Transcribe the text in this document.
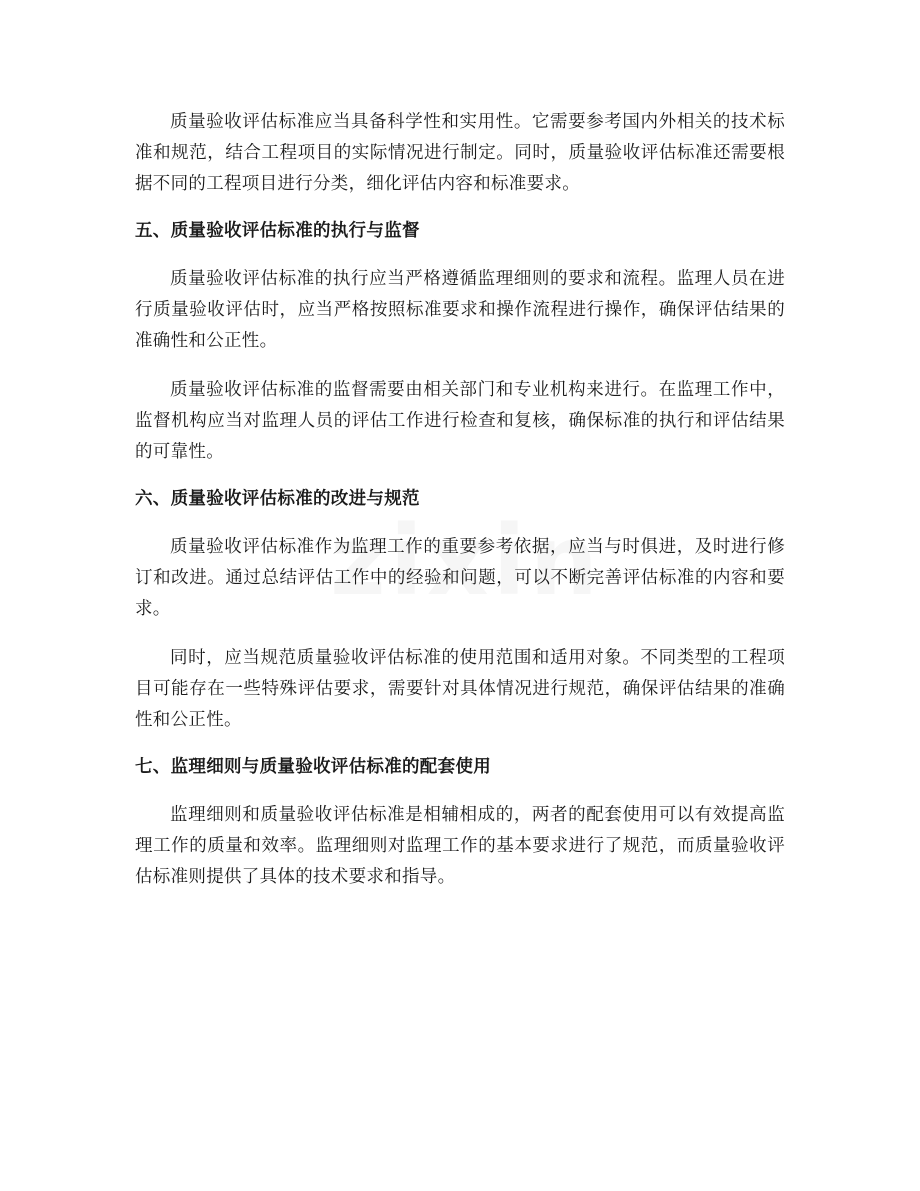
质量验收评估标准应当具备科学性和实用性。它需要参考国内外相关的技术标准和规范，结合工程项目的实际情况进行制定。同时，质量验收评估标准还需要根据不同的工程项目进行分类，细化评估内容和标准要求。

五、质量验收评估标准的执行与监督

质量验收评估标准的执行应当严格遵循监理细则的要求和流程。监理人员在进行质量验收评估时，应当严格按照标准要求和操作流程进行操作，确保评估结果的准确性和公正性。

质量验收评估标准的监督需要由相关部门和专业机构来进行。在监理工作中，监督机构应当对监理人员的评估工作进行检查和复核，确保标准的执行和评估结果的可靠性。

六、质量验收评估标准的改进与规范

质量验收评估标准作为监理工作的重要参考依据，应当与时俱进，及时进行修订和改进。通过总结评估工作中的经验和问题，可以不断完善评估标准的内容和要求。

同时，应当规范质量验收评估标准的使用范围和适用对象。不同类型的工程项目可能存在一些特殊评估要求，需要针对具体情况进行规范，确保评估结果的准确性和公正性。

七、监理细则与质量验收评估标准的配套使用

监理细则和质量验收评估标准是相辅相成的，两者的配套使用可以有效提高监理工作的质量和效率。监理细则对监理工作的基本要求进行了规范，而质量验收评估标准则提供了具体的技术要求和指导。
